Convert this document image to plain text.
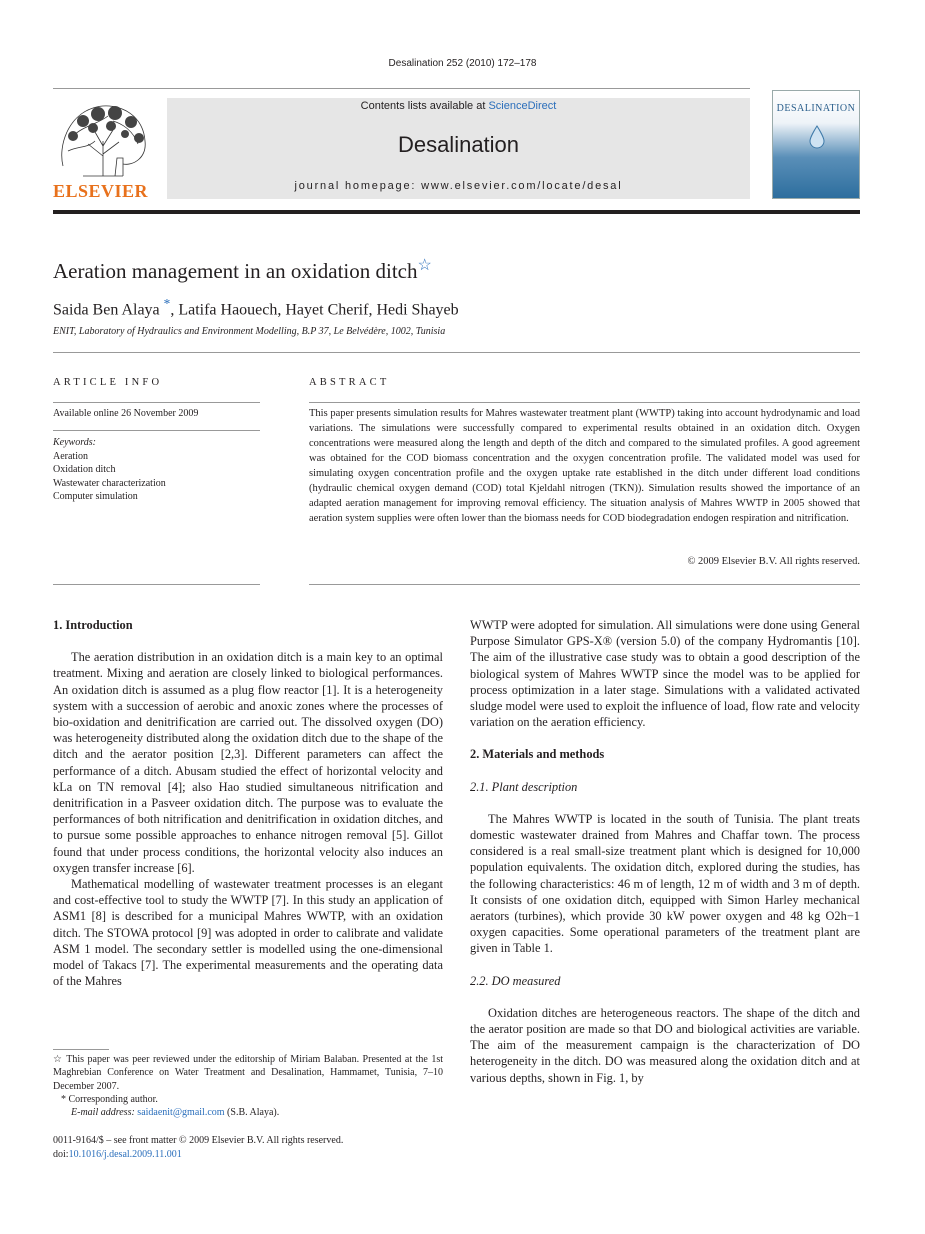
Desalination 252 (2010) 172–178
ELSEVIER
Contents lists available at ScienceDirect
Desalination
journal homepage: www.elsevier.com/locate/desal
DESALINATION
Aeration management in an oxidation ditch☆
Saida Ben Alaya *, Latifa Haouech, Hayet Cherif, Hedi Shayeb
ENIT, Laboratory of Hydraulics and Environment Modelling, B.P 37, Le Belvédère, 1002, Tunisia
ARTICLE INFO	ABSTRACT
Available online 26 November 2009
Keywords:
Aeration
Oxidation ditch
Wastewater characterization
Computer simulation
This paper presents simulation results for Mahres wastewater treatment plant (WWTP) taking into account hydrodynamic and load variations. The simulations were successfully compared to experimental results obtained in an oxidation ditch. Oxygen concentrations were measured along the length and depth of the ditch and compared to the simulated profiles. A good agreement was obtained for the COD biomass concentration and the oxygen concentration profile. The validated model was used for simulating oxygen concentration profile and the oxygen uptake rate established in the ditch under different load conditions (hydraulic chemical oxygen demand (COD) total Kjeldahl nitrogen (TKN)). Simulation results showed the importance of an adapted aeration management for improving removal efficiency. The situation analysis of Mahres WWTP in 2005 showed that aeration system supplies were often lower than the biomass needs for COD biodegradation endogen respiration and nitrification.
© 2009 Elsevier B.V. All rights reserved.
1. Introduction

The aeration distribution in an oxidation ditch is a main key to an optimal treatment. Mixing and aeration are closely linked to biological performances. An oxidation ditch is assumed as a plug flow reactor [1]. It is a heterogeneity system with a succession of aerobic and anoxic zones where the processes of bio-oxidation and denitrification are carried out. The dissolved oxygen (DO) was heterogeneity distributed along the oxidation ditch due to the shape of the ditch and the aerator position [2,3]. Different parameters can affect the performance of a ditch. Abusam studied the effect of horizontal velocity and kLa on TN removal [4]; also Hao studied simultaneous nitrification and denitrification in a Pasveer oxidation ditch. The purpose was to evaluate the performances of both nitrification and denitrification in oxidation ditches, and to pursue some possible approaches to enhance nitrogen removal [5]. Gillot found that under process conditions, the horizontal velocity also induces an oxygen transfer increase [6].

Mathematical modelling of wastewater treatment processes is an elegant and cost-effective tool to study the WWTP [7]. In this study an application of ASM1 [8] is described for a municipal Mahres WWTP, with an oxidation ditch. The STOWA protocol [9] was adopted in order to calibrate and validate ASM 1 model. The secondary settler is modelled using the one-dimensional model of Takacs [7]. The experimental measurements and the operating data of the Mahres

WWTP were adopted for simulation. All simulations were done using General Purpose Simulator GPS-X® (version 5.0) of the company Hydromantis [10]. The aim of the illustrative case study was to obtain a good description of the biological system of Mahres WWTP since the model was to be applied for process optimization in a later stage. Simulations with a validated activated sludge model were used to exploit the influence of load, flow rate and velocity variation on the aeration efficiency.

2. Materials and methods
2.1. Plant description

The Mahres WWTP is located in the south of Tunisia. The plant treats domestic wastewater drained from Mahres and Chaffar town. The process considered is a real small-size treatment plant which is designed for 10,000 population equivalents. The oxidation ditch, explored during the studies, has the following characteristics: 46 m of length, 12 m of width and 3 m of depth. It consists of one oxidation ditch, equipped with Simon Harley mechanical aerators (turbines), which provide 30 kW power oxygen and 48 kg O2h−1 oxygen capacities. Some operational parameters of the treatment plant are given in Table 1.

2.2. DO measured

Oxidation ditches are heterogeneous reactors. The shape of the ditch and the aerator position are made so that DO and biological activities are variable. The aim of the measurement campaign is the characterization of DO heterogeneity in the ditch. DO was measured along the oxidation ditch and at various depths, shown in Fig. 1, by

☆ This paper was peer reviewed under the editorship of Miriam Balaban. Presented at the 1st Maghrebian Conference on Water Treatment and Desalination, Hammamet, Tunisia, 7–10 December 2007.

* Corresponding author.

E-mail address: saidaenit@gmail.com (S.B. Alaya).

0011-9164/$ – see front matter © 2009 Elsevier B.V. All rights reserved.
doi:10.1016/j.desal.2009.11.001
